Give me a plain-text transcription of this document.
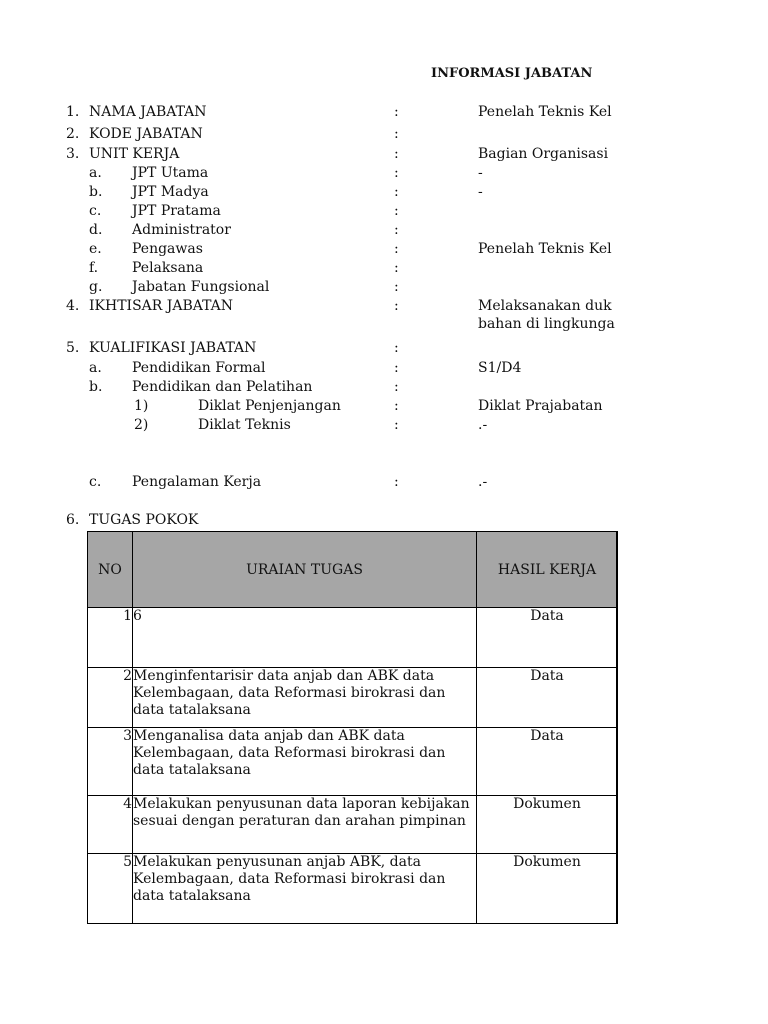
INFORMASI JABATAN
1. NAMA JABATAN	:	Penelah Teknis Kel
2. KODE JABATAN	:
3. UNIT KERJA	:	Bagian Organisasi
a. JPT Utama	:	-
b. JPT Madya	:	-
c. JPT Pratama	:
d. Administrator	:
e. Pengawas	:	Penelah Teknis Kel
f. Pelaksana	:
g. Jabatan Fungsional	:
4. IKHTISAR JABATAN	:	Melaksanakan duk
bahan di lingkunga
5. KUALIFIKASI JABATAN	:
a. Pendidikan Formal	:	S1/D4
b. Pendidikan dan Pelatihan	:
1)	Diklat Penjenjangan	:	Diklat Prajabatan
2)	Diklat Teknis	:	.-
c. Pengalaman Kerja	:	.-
6. TUGAS POKOK
NO	URAIAN TUGAS	HASIL KERJA
1	6	Data
2	Menginfentarisir data anjab dan ABK data Kelembagaan, data Reformasi birokrasi dan data tatalaksana	Data
3	Menganalisa data anjab dan ABK data Kelembagaan, data Reformasi birokrasi dan data tatalaksana	Data
4	Melakukan penyusunan data laporan kebijakan sesuai dengan peraturan dan arahan pimpinan	Dokumen
5	Melakukan penyusunan anjab ABK, data Kelembagaan, data Reformasi birokrasi dan data tatalaksana	Dokumen
